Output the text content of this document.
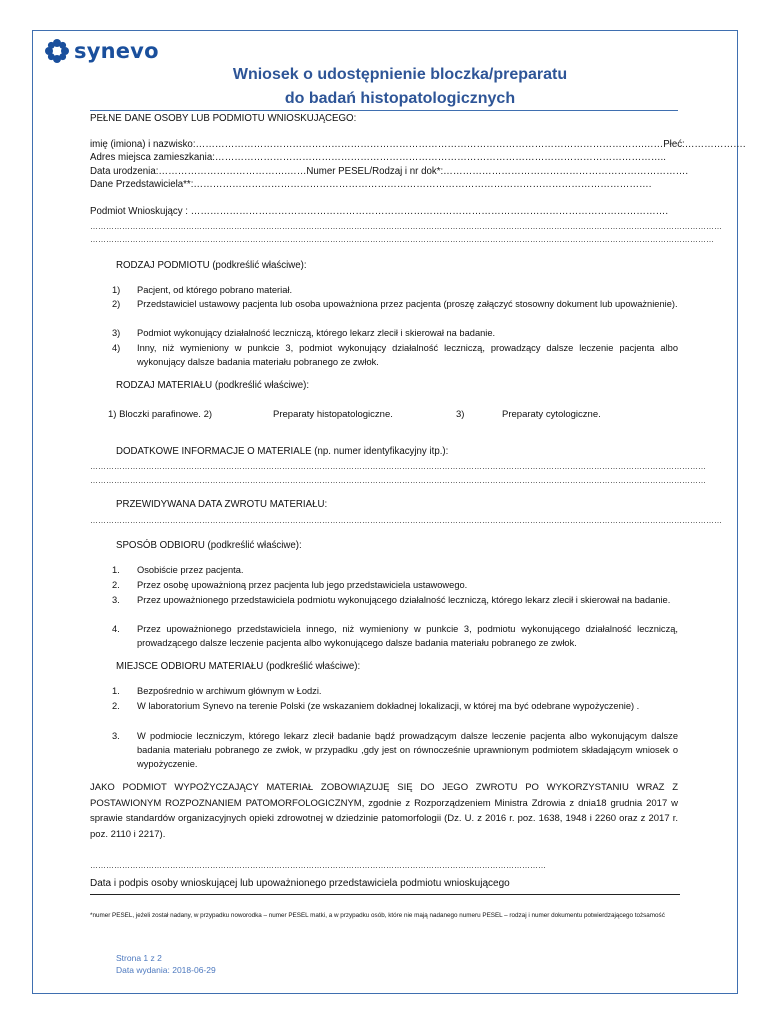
synevo
Wniosek o udostępnienie bloczka/preparatu
do badań histopatologicznych
PEŁNE DANE OSOBY LUB PODMIOTU WNIOSKUJĄCEGO:
imię (imiona) i nazwisko:………………………………………………………………………………………………………………………….……Płeć:……………….
Adres miejsca zamieszkania:…………………………………………………………………………………………………………………………..
Data urodzenia:………………………………….……Numer PESEL/Rodzaj i nr dok*:………………………………………………………………….
Dane Przedstawiciela**:…………………………………………………………………………………………………………………………….
Podmiot Wnioskujący : ………………………………………………………………………………………………………………………………….
…………………………………………………………………………………………………………………………………………………………………………………………………………………
………………………………………………………………………………………………………………………………………………………………………………………………………………
RODZAJ PODMIOTU (podkreślić właściwe):
1) Pacjent, od którego pobrano materiał.
2) Przedstawiciel ustawowy pacjenta lub osoba upoważniona przez pacjenta (proszę załączyć stosowny dokument lub upoważnienie).
3) Podmiot wykonujący działalność leczniczą, którego lekarz zlecił i skierował na badanie.
4) Inny, niż wymieniony w punkcie 3, podmiot wykonujący działalność leczniczą, prowadzący dalsze leczenie pacjenta albo wykonujący dalsze badania materiału pobranego ze zwłok.
RODZAJ MATERIAŁU (podkreślić właściwe):
1) Bloczki parafinowe. 2)	Preparaty histopatologiczne.	3)	Preparaty cytologiczne.
DODATKOWE INFORMACJE O MATERIALE (np. numer identyfikacyjny itp.):
……………………………………………………………………………………………………………………………………………………………………………………………………………
……………………………………………………………………………………………………………………………………………………………………………………………………………
PRZEWIDYWANA DATA ZWROTU MATERIAŁU:
…………………………………………………………………………………………………………………………………………………………………………………………………………………
SPOSÓB ODBIORU (podkreślić właściwe):
1. Osobiście przez pacjenta.
2. Przez osobę upoważnioną przez pacjenta lub jego przedstawiciela ustawowego.
3. Przez upoważnionego przedstawiciela podmiotu wykonującego działalność leczniczą, którego lekarz zlecił i skierował na badanie.
4. Przez upoważnionego przedstawiciela innego, niż wymieniony w punkcie 3, podmiotu wykonującego działalność leczniczą, prowadzącego dalsze leczenie pacjenta albo wykonującego dalsze badania materiału pobranego ze zwłok.
MIEJSCE ODBIORU MATERIAŁU (podkreślić właściwe):
1. Bezpośrednio w archiwum głównym w Łodzi.
2. W laboratorium Synevo na terenie Polski (ze wskazaniem dokładnej lokalizacji, w której ma być odebrane wypożyczenie) .
3. W podmiocie leczniczym, którego lekarz zlecił badanie bądź prowadzącym dalsze leczenie pacjenta albo wykonującym dalsze badania materiału pobranego ze zwłok, w przypadku ,gdy jest on równocześnie uprawnionym podmiotem składającym wniosek o wypożyczenie.
JAKO PODMIOT WYPOŻYCZAJĄCY MATERIAŁ ZOBOWIĄZUJĘ SIĘ DO JEGO ZWROTU PO WYKORZYSTANIU WRAZ Z POSTAWIONYM ROZPOZNANIEM PATOMORFOLOGICZNYM, zgodnie z Rozporządzeniem Ministra Zdrowia z dnia18 grudnia 2017 w sprawie standardów organizacyjnych opieki zdrowotnej w dziedzinie patomorfologii (Dz. U. z 2016 r. poz. 1638, 1948 i 2260 oraz z 2017 r. poz. 2110 i 2217).
………………………………………………………………………………………………………………………………………………………
Data i podpis osoby wnioskującej lub upoważnionego przedstawiciela podmiotu wnioskującego
*numer PESEL, jeżeli został nadany, w przypadku noworodka – numer PESEL matki, a w przypadku osób, które nie mają nadanego numeru PESEL – rodzaj i numer dokumentu potwierdzającego tożsamość
Strona 1 z 2
Data wydania: 2018-06-29
